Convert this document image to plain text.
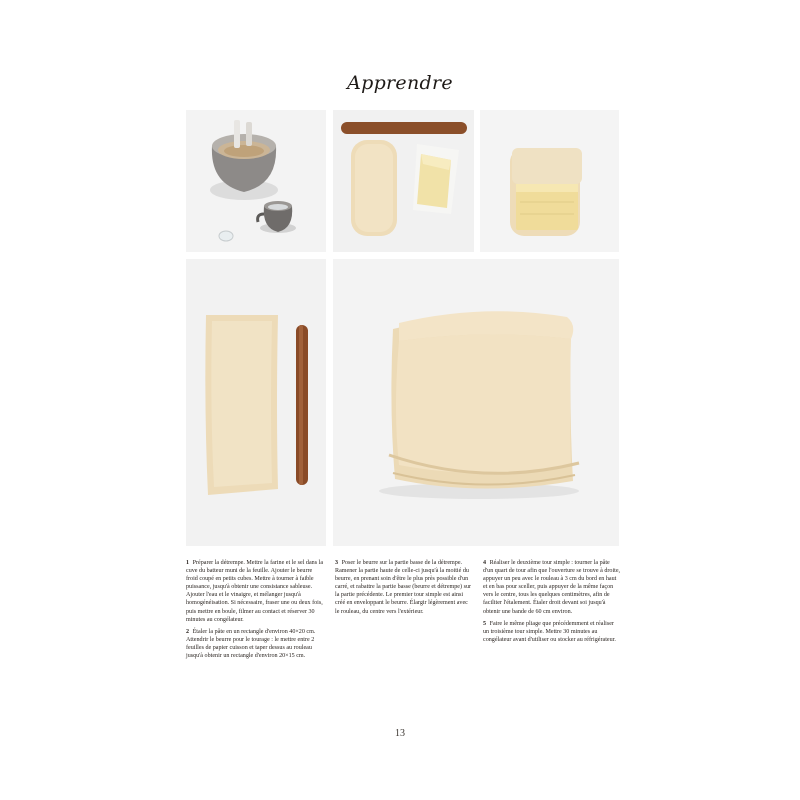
Apprendre

1 Préparer la détrempe. Mettre la farine et le sel dans la cuve du batteur muni de la feuille. Ajouter le beurre froid coupé en petits cubes. Mettre à tourner à faible puissance, jusqu'à obtenir une consistance sableuse. Ajouter l'eau et le vinaigre, et mélanger jusqu'à homogénéisation. Si nécessaire, fraser une ou deux fois, puis mettre en boule, filmer au contact et réserver 30 minutes au congélateur.

2 Étaler la pâte en un rectangle d'environ 40×20 cm. Attendrir le beurre pour le tourage : le mettre entre 2 feuilles de papier cuisson et taper dessus au rouleau jusqu'à obtenir un rectangle d'environ 20×15 cm.

3 Poser le beurre sur la partie basse de la détrempe. Ramener la partie haute de celle-ci jusqu'à la moitié du beurre, en prenant soin d'être le plus près possible d'un carré, et rabattre la partie basse (beurre et détrempe) sur la partie précédente. Le premier tour simple est ainsi créé en enveloppant le beurre. Élargir légèrement avec le rouleau, du centre vers l'extérieur.

4 Réaliser le deuxième tour simple : tourner la pâte d'un quart de tour afin que l'ouverture se trouve à droite, appuyer un peu avec le rouleau à 3 cm du bord en haut et en bas pour sceller, puis appuyer de la même façon vers le centre, tous les quelques centimètres, afin de faciliter l'étalement. Étaler droit devant soi jusqu'à obtenir une bande de 60 cm environ.

5 Faire le même pliage que précédemment et réaliser un troisième tour simple. Mettre 30 minutes au congélateur avant d'utiliser ou stocker au réfrigérateur.

13
